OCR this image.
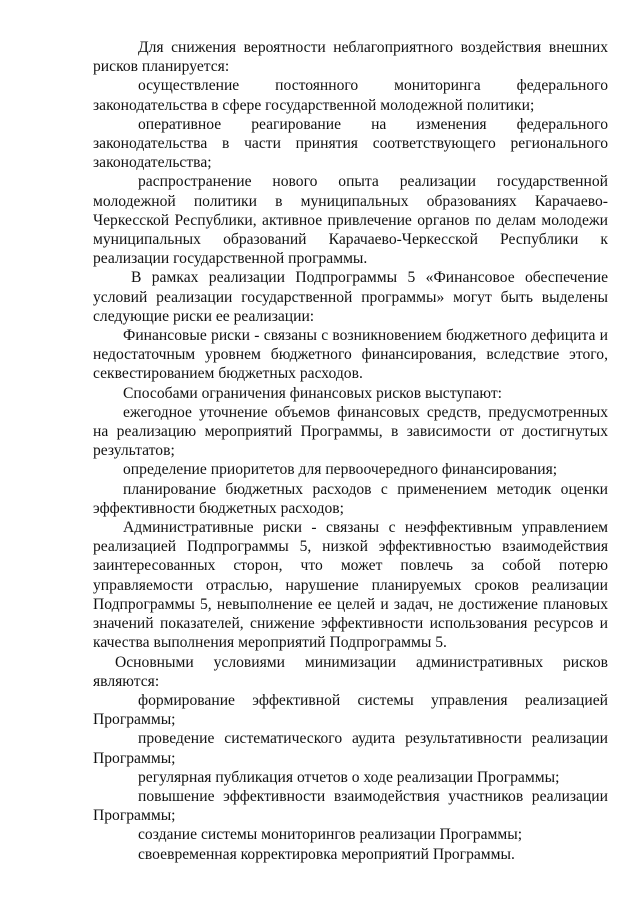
Для снижения вероятности неблагоприятного воздействия внешних рисков планируется:

осуществление постоянного мониторинга федерального законодательства в сфере государственной молодежной политики;

оперативное реагирование на изменения федерального законодательства в части принятия соответствующего регионального законодательства;

распространение нового опыта реализации государственной молодежной политики в муниципальных образованиях Карачаево-Черкесской Республики, активное привлечение органов по делам молодежи муниципальных образований Карачаево-Черкесской Республики к реализации государственной программы.

В рамках реализации Подпрограммы 5 «Финансовое обеспечение условий реализации государственной программы» могут быть выделены следующие риски ее реализации:

Финансовые риски - связаны с возникновением бюджетного дефицита и недостаточным уровнем бюджетного финансирования, вследствие этого, секвестированием бюджетных расходов.

Способами ограничения финансовых рисков выступают:

ежегодное уточнение объемов финансовых средств, предусмотренных на реализацию мероприятий Программы, в зависимости от достигнутых результатов;

определение приоритетов для первоочередного финансирования;

планирование бюджетных расходов с применением методик оценки эффективности бюджетных расходов;

Административные риски - связаны с неэффективным управлением реализацией Подпрограммы 5, низкой эффективностью взаимодействия заинтересованных сторон, что может повлечь за собой потерю управляемости отраслью, нарушение планируемых сроков реализации Подпрограммы 5, невыполнение ее целей и задач, не достижение плановых значений показателей, снижение эффективности использования ресурсов и качества выполнения мероприятий Подпрограммы 5.

Основными условиями минимизации административных рисков являются:

формирование эффективной системы управления реализацией Программы;

проведение систематического аудита результативности реализации Программы;

регулярная публикация отчетов о ходе реализации Программы;

повышение эффективности взаимодействия участников реализации Программы;

создание системы мониторингов реализации Программы;

своевременная корректировка мероприятий Программы.
